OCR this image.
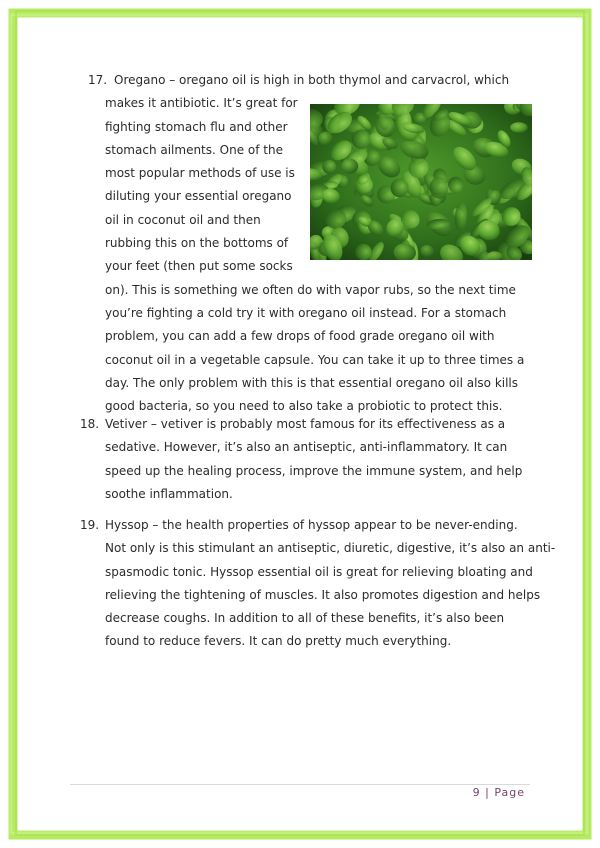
17. Oregano – oregano oil is high in both thymol and carvacrol, which

makes it antibiotic. It’s great for

fighting stomach flu and other

stomach ailments. One of the

most popular methods of use is

diluting your essential oregano

oil in coconut oil and then

rubbing this on the bottoms of

your feet (then put some socks

on). This is something we often do with vapor rubs, so the next time

you’re fighting a cold try it with oregano oil instead. For a stomach

problem, you can add a few drops of food grade oregano oil with

coconut oil in a vegetable capsule. You can take it up to three times a

day. The only problem with this is that essential oregano oil also kills

good bacteria, so you need to also take a probiotic to protect this.

18. Vetiver – vetiver is probably most famous for its effectiveness as a

sedative. However, it’s also an antiseptic, anti-inflammatory. It can

speed up the healing process, improve the immune system, and help

soothe inflammation.

19. Hyssop – the health properties of hyssop appear to be never-ending.

Not only is this stimulant an antiseptic, diuretic, digestive, it’s also an anti-

spasmodic tonic. Hyssop essential oil is great for relieving bloating and

relieving the tightening of muscles. It also promotes digestion and helps

decrease coughs. In addition to all of these benefits, it’s also been

found to reduce fevers. It can do pretty much everything.

9 | Page
